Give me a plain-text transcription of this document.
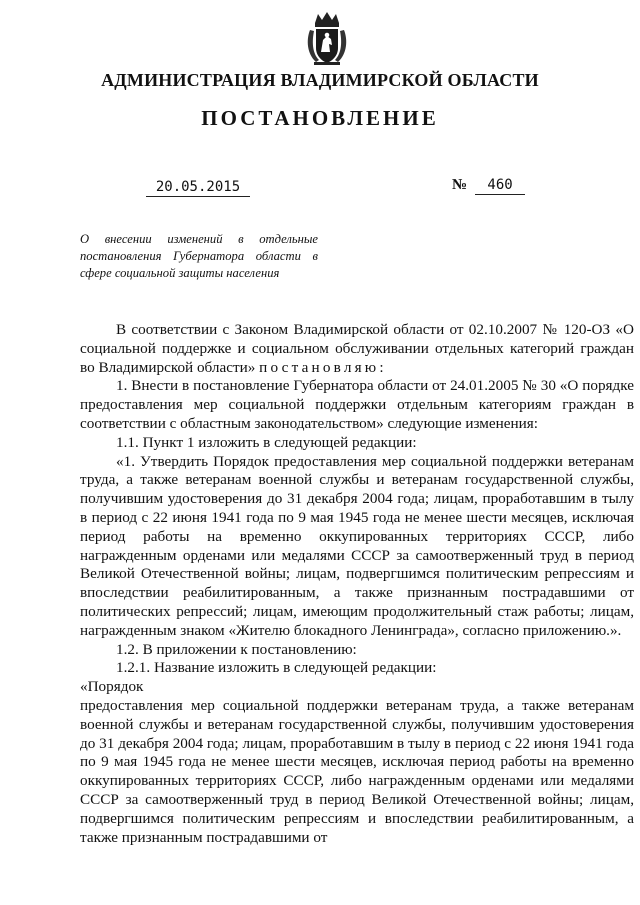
АДМИНИСТРАЦИЯ ВЛАДИМИРСКОЙ ОБЛАСТИ
ПОСТАНОВЛЕНИЕ
20.05.2015	№ 460
О внесении изменений в отдельные
постановления Губернатора области в
сфере социальной защиты населения

В соответствии с Законом Владимирской области от 02.10.2007 № 120-ОЗ «О социальной поддержке и социальном обслуживании отдельных категорий граждан во Владимирской области» постановляю:

1. Внести в постановление Губернатора области от 24.01.2005 № 30 «О порядке предоставления мер социальной поддержки отдельным категориям граждан в соответствии с областным законодательством» следующие изменения:

1.1. Пункт 1 изложить в следующей редакции:

«1. Утвердить Порядок предоставления мер социальной поддержки ветеранам труда, а также ветеранам военной службы и ветеранам государственной службы, получившим удостоверения до 31 декабря 2004 года; лицам, проработавшим в тылу в период с 22 июня 1941 года по 9 мая 1945 года не менее шести месяцев, исключая период работы на временно оккупированных территориях СССР, либо награжденным орденами или медалями СССР за самоотверженный труд в период Великой Отечественной войны; лицам, подвергшимся политическим репрессиям и впоследствии реабилитированным, а также признанным пострадавшими от политических репрессий; лицам, имеющим продолжительный стаж работы; лицам, награжденным знаком «Жителю блокадного Ленинграда», согласно приложению.».

1.2. В приложении к постановлению:

1.2.1. Название изложить в следующей редакции:

«Порядок

предоставления мер социальной поддержки ветеранам труда, а также ветеранам военной службы и ветеранам государственной службы, получившим удостоверения до 31 декабря 2004 года; лицам, проработавшим в тылу в период с 22 июня 1941 года по 9 мая 1945 года не менее шести месяцев, исключая период работы на временно оккупированных территориях СССР, либо награжденным орденами или медалями СССР за самоотверженный труд в период Великой Отечественной войны; лицам, подвергшимся политическим репрессиям и впоследствии реабилитированным, а также признанным пострадавшими от
